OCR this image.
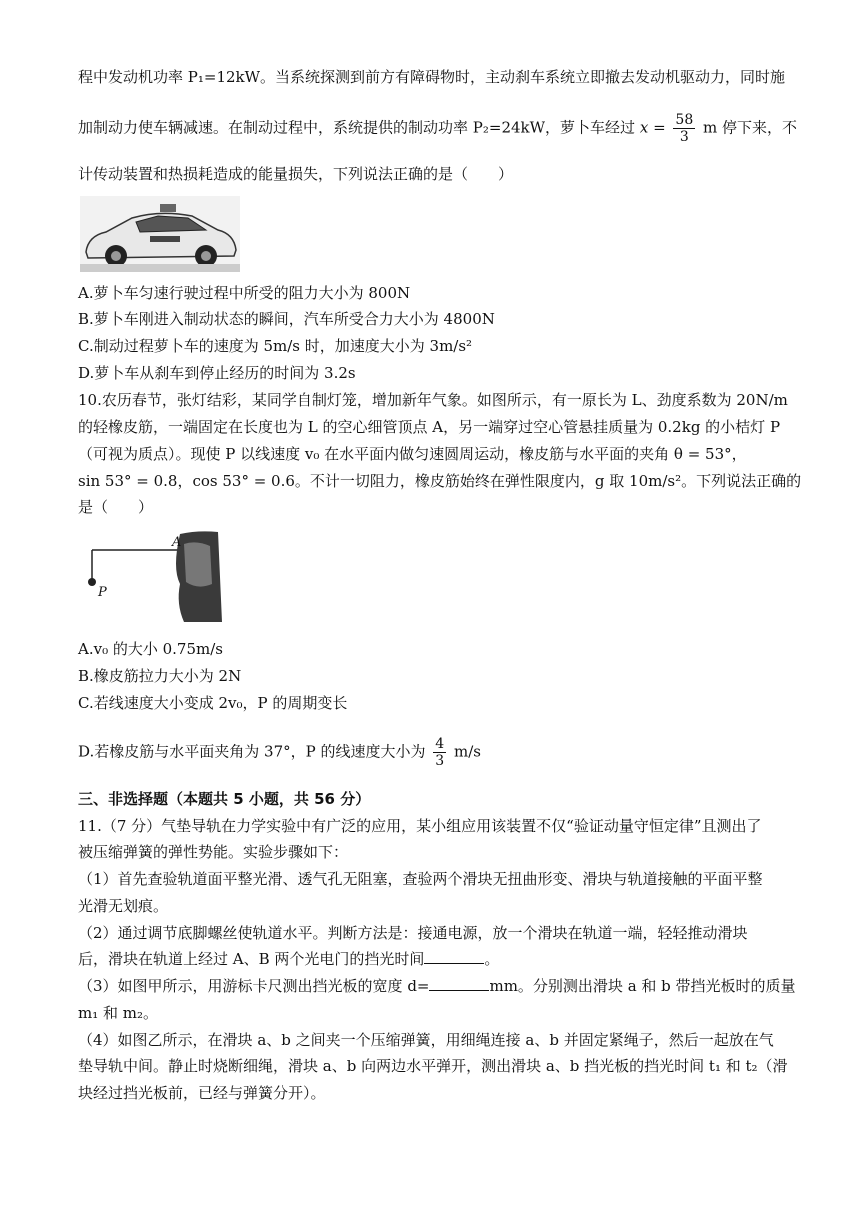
程中发动机功率 P₁=12kW。当系统探测到前方有障碍物时，主动刹车系统立即撤去发动机驱动力，同时施
加制动力使车辆减速。在制动过程中，系统提供的制动功率 P₂=24kW，萝卜车经过 $x = \frac{58}{3}$ m 停下来，不
计传动装置和热损耗造成的能量损失，下列说法正确的是（　　）
A.萝卜车匀速行驶过程中所受的阻力大小为 800N
B.萝卜车刚进入制动状态的瞬间，汽车所受合力大小为 4800N
C.制动过程萝卜车的速度为 5m/s 时，加速度大小为 3m/s²
D.萝卜车从刹车到停止经历的时间为 3.2s
10.农历春节，张灯结彩，某同学自制灯笼，增加新年气象。如图所示，有一原长为 L、劲度系数为 20N/m
的轻橡皮筋，一端固定在长度也为 L 的空心细管顶点 A，另一端穿过空心管悬挂质量为 0.2kg 的小桔灯 P
（可视为质点）。现使 P 以线速度 v₀ 在水平面内做匀速圆周运动，橡皮筋与水平面的夹角 θ = 53°，
sin 53° = 0.8，cos 53° = 0.6。不计一切阻力，橡皮筋始终在弹性限度内，g 取 10m/s²。下列说法正确的
是（　　）
A
P
A.v₀ 的大小 0.75m/s
B.橡皮筋拉力大小为 2N
C.若线速度大小变成 2v₀，P 的周期变长
D.若橡皮筋与水平面夹角为 37°，P 的线速度大小为 $\frac{4}{3} m/s$
三、非选择题（本题共 5 小题，共 56 分）
11.（7 分）气垫导轨在力学实验中有广泛的应用，某小组应用该装置不仅“验证动量守恒定律”且测出了
被压缩弹簧的弹性势能。实验步骤如下：
（1）首先查验轨道面平整光滑、透气孔无阻塞，查验两个滑块无扭曲形变、滑块与轨道接触的平面平整
光滑无划痕。
（2）通过调节底脚螺丝使轨道水平。判断方法是：接通电源，放一个滑块在轨道一端，轻轻推动滑块
后，滑块在轨道上经过 A、B 两个光电门的挡光时间	。
（3）如图甲所示，用游标卡尺测出挡光板的宽度 d=	mm。分别测出滑块 a 和 b 带挡光板时的质量
m₁ 和 m₂。
（4）如图乙所示，在滑块 a、b 之间夹一个压缩弹簧，用细绳连接 a、b 并固定紧绳子，然后一起放在气
垫导轨中间。静止时烧断细绳，滑块 a、b 向两边水平弹开，测出滑块 a、b 挡光板的挡光时间 t₁ 和 t₂（滑
块经过挡光板前，已经与弹簧分开）。
